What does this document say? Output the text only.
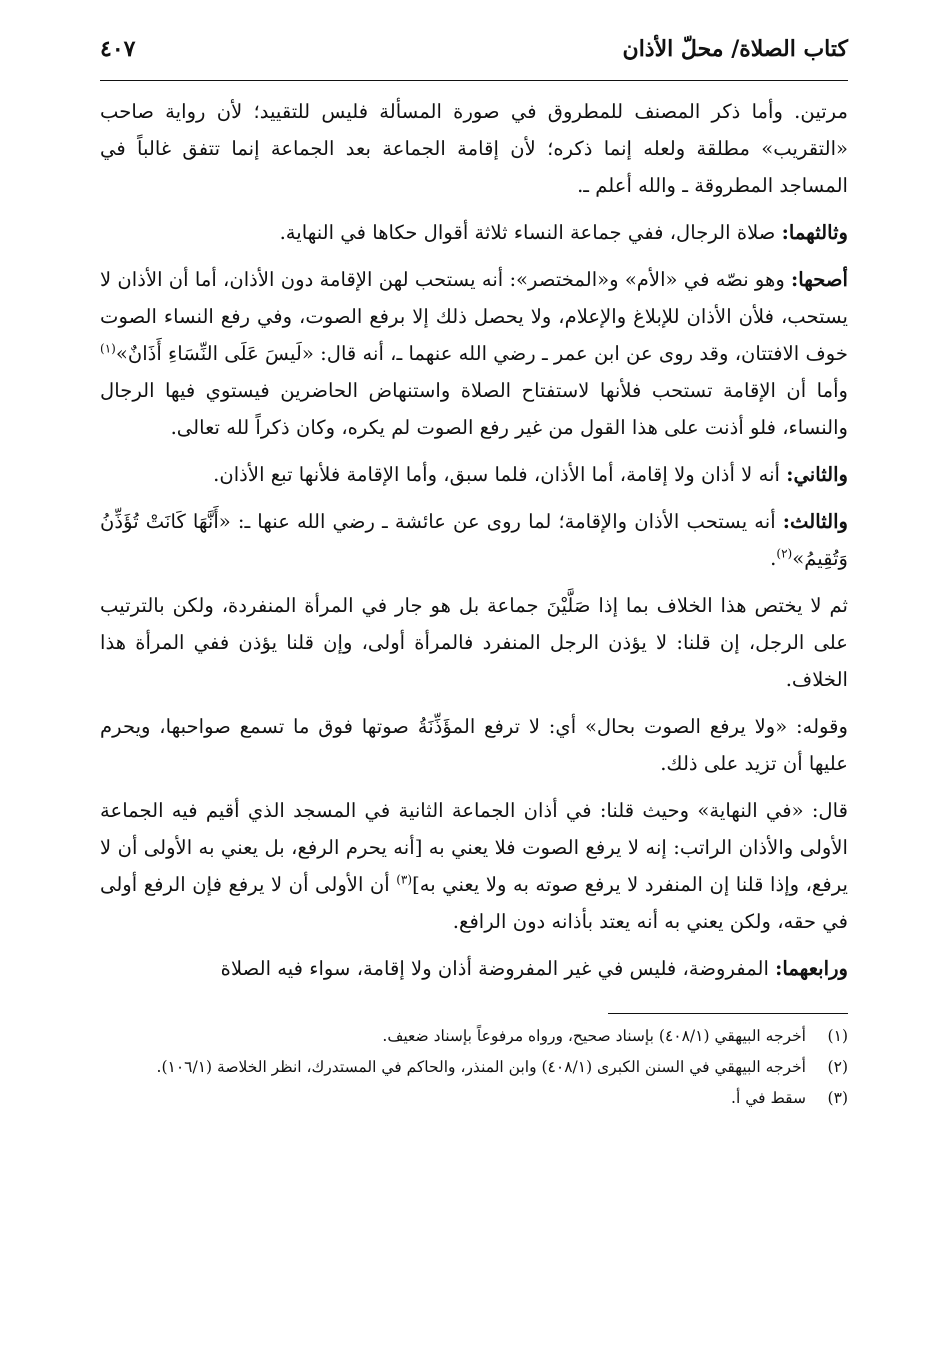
كتاب الصلاة/ محلّ الأذان
٤٠٧

مرتين. وأما ذكر المصنف للمطروق في صورة المسألة فليس للتقييد؛ لأن رواية صاحب «التقريب» مطلقة ولعله إنما ذكره؛ لأن إقامة الجماعة بعد الجماعة إنما تتفق غالباً في المساجد المطروقة ـ والله أعلم ـ.

وثالثهما: صلاة الرجال، ففي جماعة النساء ثلاثة أقوال حكاها في النهاية.

أصحها: وهو نصّه في «الأم» و«المختصر»: أنه يستحب لهن الإقامة دون الأذان، أما أن الأذان لا يستحب، فلأن الأذان للإبلاغ والإعلام، ولا يحصل ذلك إلا برفع الصوت، وفي رفع النساء الصوت خوف الافتتان، وقد روى عن ابن عمر ـ رضي الله عنهما ـ، أنه قال: «لَيسَ عَلَى النِّسَاءِ أَذَانٌ»$^{(١)}$ وأما أن الإقامة تستحب فلأنها لاستفتاح الصلاة واستنهاض الحاضرين فيستوي فيها الرجال والنساء، فلو أذنت على هذا القول من غير رفع الصوت لم يكره، وكان ذكراً لله تعالى.

والثاني: أنه لا أذان ولا إقامة، أما الأذان، فلما سبق، وأما الإقامة فلأنها تبع الأذان.

والثالث: أنه يستحب الأذان والإقامة؛ لما روى عن عائشة ـ رضي الله عنها ـ: «أَنَّهَا كَانَتْ تُؤَذِّنُ وَتُقِيمُ»$^{(٢)}$.

ثم لا يختص هذا الخلاف بما إذا صَلَّيْنَ جماعة بل هو جار في المرأة المنفردة، ولكن بالترتيب على الرجل، إن قلنا: لا يؤذن الرجل المنفرد فالمرأة أولى، وإن قلنا يؤذن ففي المرأة هذا الخلاف.

وقوله: «ولا يرفع الصوت بحال» أي: لا ترفع المؤَذِّنَةُ صوتها فوق ما تسمع صواحبها، ويحرم عليها أن تزيد على ذلك.

قال: «في النهاية» وحيث قلنا: في أذان الجماعة الثانية في المسجد الذي أقيم فيه الجماعة الأولى والأذان الراتب: إنه لا يرفع الصوت فلا يعني به [أنه يحرم الرفع، بل يعني به الأولى أن لا يرفع، وإذا قلنا إن المنفرد لا يرفع صوته به ولا يعني به]$^{(٣)}$ أن الأولى أن لا يرفع فإن الرفع أولى في حقه، ولكن يعني به أنه يعتد بأذانه دون الرافع.

ورابعهما: المفروضة، فليس في غير المفروضة أذان ولا إقامة، سواء فيه الصلاة

(١)
أخرجه البيهقي (٤٠٨/١) بإسناد صحيح، ورواه مرفوعاً بإسناد ضعيف.
(٢)
أخرجه البيهقي في السنن الكبرى (٤٠٨/١) وابن المنذر، والحاكم في المستدرك، انظر الخلاصة (١٠٦/١).
(٣)
سقط في أ.
